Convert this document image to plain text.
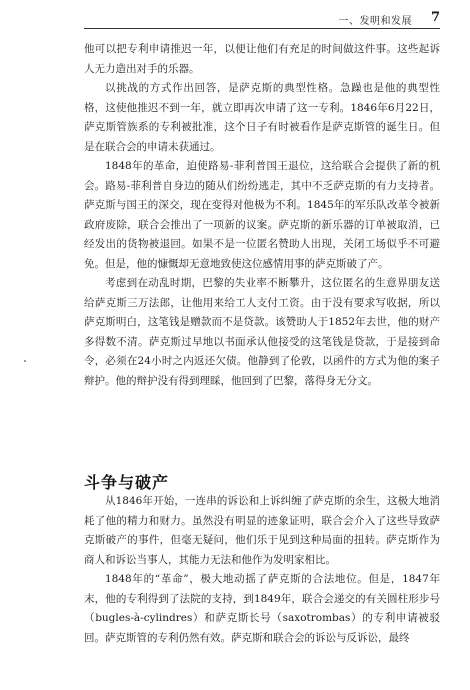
一、发明和发展 7

他可以把专利申请推迟一年，以便让他们有充足的时间做这件事。这些起诉人无力造出对手的乐器。

以挑战的方式作出回答，是萨克斯的典型性格。急躁也是他的典型性格，这使他推迟不到一年，就立即再次申请了这一专利。1846年6月22日，萨克斯管族系的专利被批准，这个日子有时被看作是萨克斯管的诞生日。但是在联合会的申请未获通过。

1848年的革命，迫使路易-菲利普国王退位，这给联合会提供了新的机会。路易-菲利普自身边的随从们纷纷逃走，其中不乏萨克斯的有力支持者。萨克斯与国王的深交，现在变得对他极为不利。1845年的军乐队改革令被新政府废除，联合会推出了一项新的议案。萨克斯的新乐器的订单被取消，已经发出的货物被退回。如果不是一位匿名赞助人出现，关闭工场似乎不可避免。但是，他的慷慨却无意地致使这位感情用事的萨克斯破了产。

考虑到在动乱时期，巴黎的失业率不断攀升，这位匿名的生意界朋友送给萨克斯三万法郎，让他用来给工人支付工资。由于没有要求写收据，所以萨克斯明白，这笔钱是赠款而不是贷款。该赞助人于1852年去世，他的财产多得数不清。萨克斯过早地以书面承认他接受的这笔钱是贷款，于是接到命令，必须在24小时之内返还欠债。他静到了伦敦，以函件的方式为他的案子辩护。他的辩护没有得到理睬，他回到了巴黎，落得身无分文。

斗争与破产

从1846年开始，一连串的诉讼和上诉纠缠了萨克斯的余生，这极大地消耗了他的精力和财力。虽然没有明显的迹象证明，联合会介入了这些导致萨克斯破产的事件，但毫无疑问，他们乐于见到这种局面的扭转。萨克斯作为商人和诉讼当事人，其能力无法和他作为发明家相比。

1848年的“革命”，极大地动摇了萨克斯的合法地位。但是，1847年末，他的专利得到了法院的支持，到1849年，联合会递交的有关圆柱形步号（bugles-à-cylindres）和萨克斯长号（saxotrombas）的专利申请被驳回。萨克斯管的专利仍然有效。萨克斯和联合会的诉讼与反诉讼，最终
